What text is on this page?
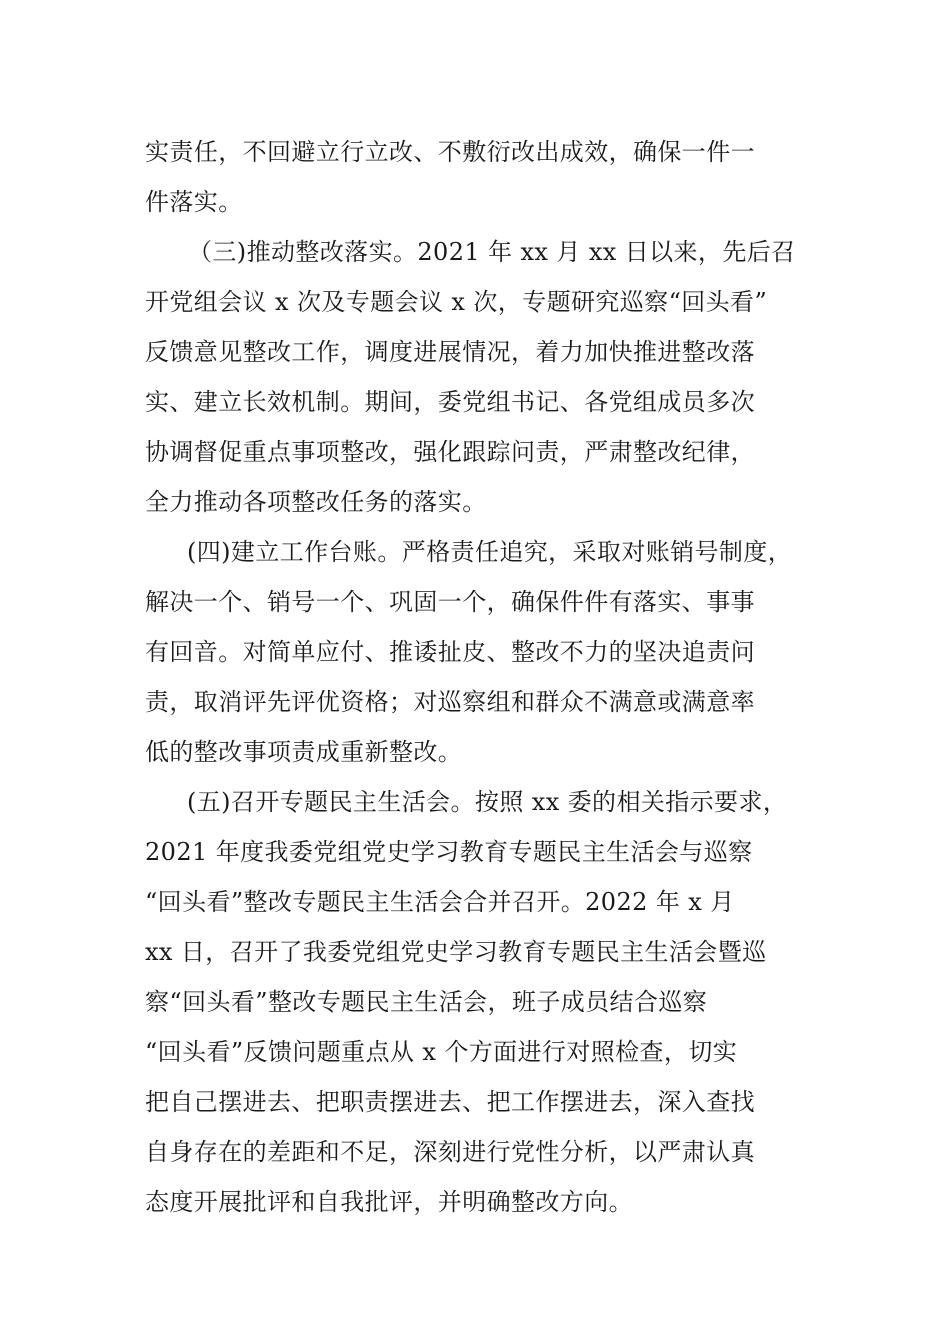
实责任，不回避立行立改、不敷衍改出成效，确保一件一
件落实。
（三)推动整改落实。2021 年 xx 月 xx 日以来，先后召
开党组会议 x 次及专题会议 x 次，专题研究巡察“回头看”
反馈意见整改工作，调度进展情况，着力加快推进整改落
实、建立长效机制。期间，委党组书记、各党组成员多次
协调督促重点事项整改，强化跟踪问责，严肃整改纪律，
全力推动各项整改任务的落实。
(四)建立工作台账。严格责任追究，采取对账销号制度，
解决一个、销号一个、巩固一个，确保件件有落实、事事
有回音。对简单应付、推诿扯皮、整改不力的坚决追责问
责，取消评先评优资格；对巡察组和群众不满意或满意率
低的整改事项责成重新整改。
(五)召开专题民主生活会。按照 xx 委的相关指示要求，
2021 年度我委党组党史学习教育专题民主生活会与巡察
“回头看”整改专题民主生活会合并召开。2022 年 x 月
xx 日，召开了我委党组党史学习教育专题民主生活会暨巡
察“回头看”整改专题民主生活会，班子成员结合巡察
“回头看”反馈问题重点从 x 个方面进行对照检查，切实
把自己摆进去、把职责摆进去、把工作摆进去，深入查找
自身存在的差距和不足，深刻进行党性分析，以严肃认真
态度开展批评和自我批评，并明确整改方向。
